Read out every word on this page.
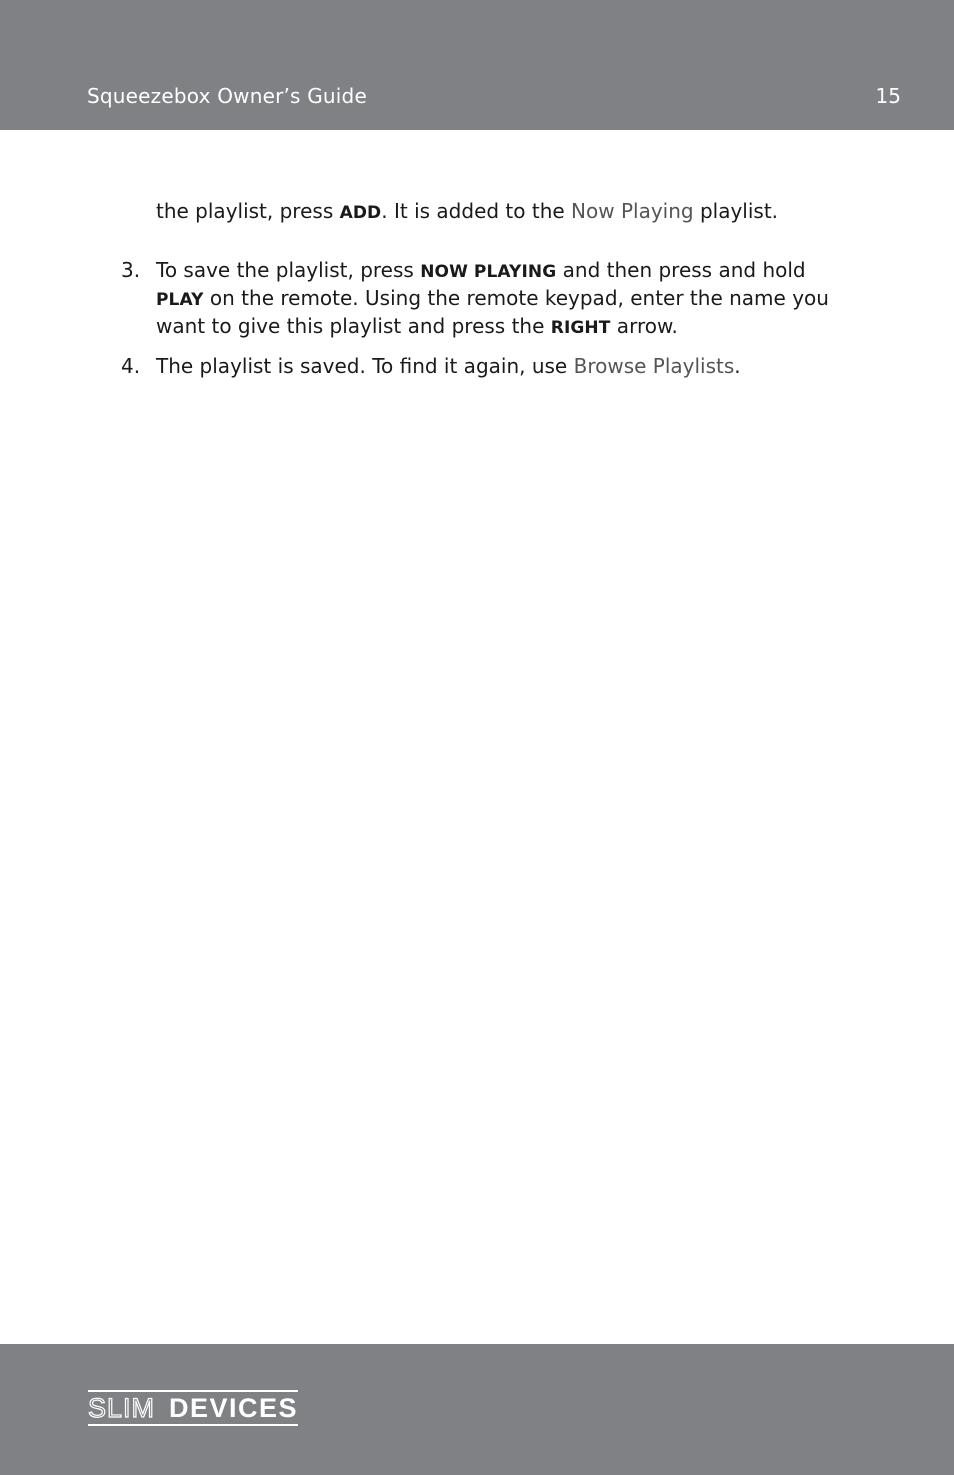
Squeezebox Owner’s Guide	15

the playlist, press ADD. It is added to the Now Playing playlist.

3. To save the playlist, press NOW PLAYING and then press and hold PLAY on the remote. Using the remote keypad, enter the name you want to give this playlist and press the RIGHT arrow.

4. The playlist is saved. To find it again, use Browse Playlists.

SLIM DEVICES
